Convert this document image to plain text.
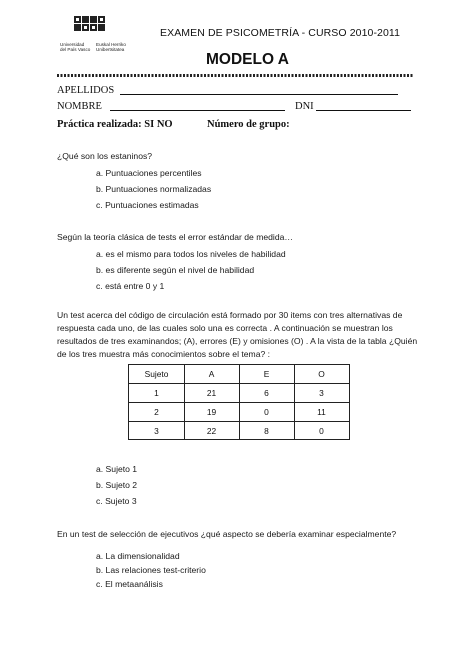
Universidad
del País Vasco
Euskal Herriko
Unibertsitatea
EXAMEN DE PSICOMETRÍA - CURSO 2010-2011
MODELO A
APELLIDOS
NOMBRE	DNI
Práctica realizada: SI NO	Número de grupo:
¿Qué son los estaninos?
a. Puntuaciones percentiles
b. Puntuaciones normalizadas
c. Puntuaciones estimadas
Según la teoría clásica de tests el error estándar de medida…
a. es el mismo para todos los niveles de habilidad
b. es diferente según el nivel de habilidad
c. está entre 0 y 1
Un test acerca del código de circulación está formado por 30 items con tres alternativas de
respuesta cada uno, de las cuales solo una es correcta . A continuación se muestran los
resultados de tres examinandos; (A), errores (E) y omisiones (O) . A la vista de la tabla ¿Quién
de los tres muestra más conocimientos sobre el tema? :
Sujeto	A	E	O
1	21	6	3
2	19	0	11
3	22	8	0
a. Sujeto 1
b. Sujeto 2
c. Sujeto 3
En un test de selección de ejecutivos ¿qué aspecto se debería examinar especialmente?
a. La dimensionalidad
b. Las relaciones test-criterio
c. El metaanálisis
